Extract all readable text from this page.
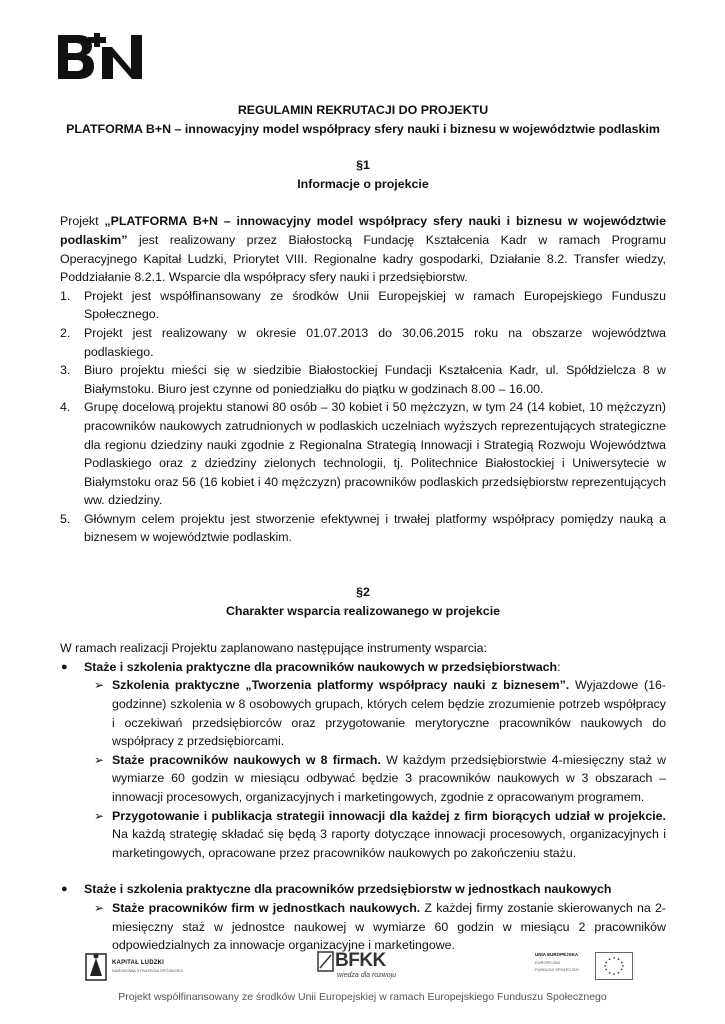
B+N

REGULAMIN REKRUTACJI DO PROJEKTU

PLATFORMA B+N – innowacyjny model współpracy sfery nauki i biznesu w województwie podlaskim

§1

Informacje o projekcie

Projekt „PLATFORMA B+N – innowacyjny model współpracy sfery nauki i biznesu w województwie podlaskim” jest realizowany przez Białostocką Fundację Kształcenia Kadr w ramach Programu Operacyjnego Kapitał Ludzki, Priorytet VIII. Regionalne kadry gospodarki, Działanie 8.2. Transfer wiedzy, Poddziałanie 8.2.1. Wsparcie dla współpracy sfery nauki i przedsiębiorstw.

1. Projekt jest współfinansowany ze środków Unii Europejskiej w ramach Europejskiego Funduszu Społecznego.
2. Projekt jest realizowany w okresie 01.07.2013 do 30.06.2015 roku na obszarze województwa podlaskiego.
3. Biuro projektu mieści się w siedzibie Białostockiej Fundacji Kształcenia Kadr, ul. Spółdzielcza 8 w Białymstoku. Biuro jest czynne od poniedziałku do piątku w godzinach 8.00 – 16.00.
4. Grupę docelową projektu stanowi 80 osób – 30 kobiet i 50 mężczyzn, w tym 24 (14 kobiet, 10 mężczyzn) pracowników naukowych zatrudnionych w podlaskich uczelniach wyższych reprezentujących strategiczne dla regionu dziedziny nauki zgodnie z Regionalna Strategią Innowacji i Strategią Rozwoju Województwa Podlaskiego oraz z dziedziny zielonych technologii, tj. Politechnice Białostockiej i Uniwersytecie w Białymstoku oraz 56 (16 kobiet i 40 mężczyzn) pracowników podlaskich przedsiębiorstw reprezentujących ww. dziedziny.
5. Głównym celem projektu jest stworzenie efektywnej i trwałej platformy współpracy pomiędzy nauką a biznesem w województwie podlaskim.

§2

Charakter wsparcia realizowanego w projekcie

W ramach realizacji Projektu zaplanowano następujące instrumenty wsparcia:

● Staże i szkolenia praktyczne dla pracowników naukowych w przedsiębiorstwach:
➢ Szkolenia praktyczne „Tworzenia platformy współpracy nauki z biznesem”. Wyjazdowe (16-godzinne) szkolenia w 8 osobowych grupach, których celem będzie zrozumienie potrzeb współpracy i oczekiwań przedsiębiorców oraz przygotowanie merytoryczne pracowników naukowych do współpracy z przedsiębiorcami.
➢ Staże pracowników naukowych w 8 firmach. W każdym przedsiębiorstwie 4-miesięczny staż w wymiarze 60 godzin w miesiącu odbywać będzie 3 pracowników naukowych w 3 obszarach – innowacji procesowych, organizacyjnych i marketingowych, zgodnie z opracowanym programem.
➢ Przygotowanie i publikacja strategii innowacji dla każdej z firm biorących udział w projekcie. Na każdą strategię składać się będą 3 raporty dotyczące innowacji procesowych, organizacyjnych i marketingowych, opracowane przez pracowników naukowych po zakończeniu stażu.
● Staże i szkolenia praktyczne dla pracowników przedsiębiorstw w jednostkach naukowych
➢ Staże pracowników firm w jednostkach naukowych. Z każdej firmy zostanie skierowanych na 2-miesięczny staż w jednostce naukowej w wymiarze 60 godzin w miesiącu 2 pracowników odpowiedzialnych za innowacje organizacyjne i marketingowe.
KAPITAŁ LUDZKI
NARODOWA STRATEGIA SPÓJNOŚCI	BFKK
wiedza dla rozwoju
UNIA EUROPEJSKA
EUROPEJSKI
FUNDUSZ SPOŁECZNY
Projekt współfinansowany ze środków Unii Europejskiej w ramach Europejskiego Funduszu Społecznego
